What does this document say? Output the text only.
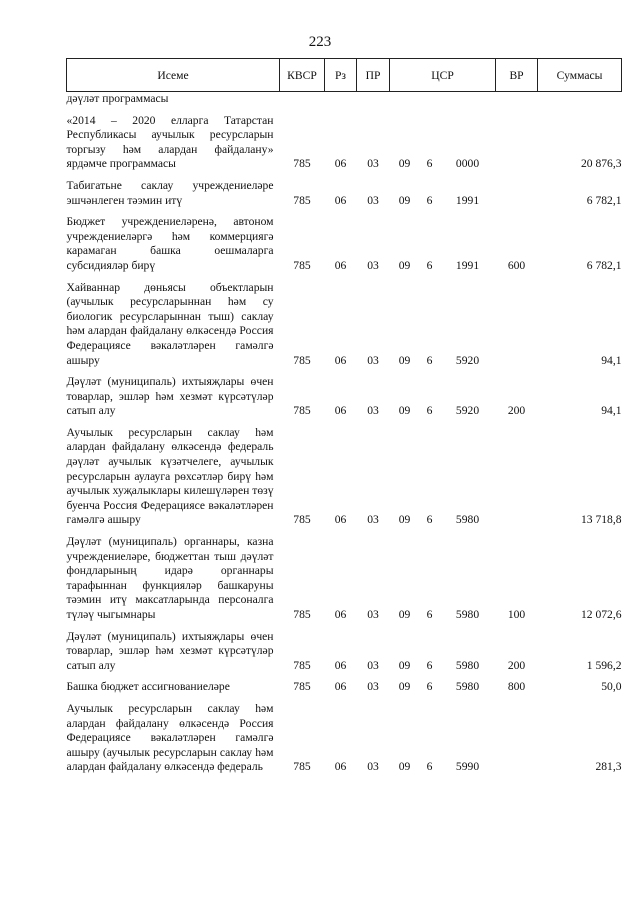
223
Исеме	КВСР	Рз	ПР	ЦСР			ВР	Суммасы
дәүләт программасы								
«2014 – 2020 елларга Татарстан Республикасы аучылык ресурсларын торгызу һәм алардан файдалану» ярдәмче программасы	785	06	03	09	6	0000		20 876,3
Табигатьне саклау учреждениеләре эшчәнлеген тәэмин итү	785	06	03	09	6	1991		6 782,1
Бюджет учреждениеләренә, автоном учреждениеләргә һәм коммерциягә карамаган башка оешмаларга субсидияләр бирү	785	06	03	09	6	1991	600	6 782,1
Хайваннар дөньясы объектларын (аучылык ресурсларыннан һәм су биологик ресурсларыннан тыш) саклау һәм алардан файдалану өлкәсендә Россия Федерациясе вәкаләтләрен гамәлгә ашыру	785	06	03	09	6	5920		94,1
Дәүләт (муниципаль) ихтыяҗлары өчен товарлар, эшләр һәм хезмәт күрсәтүләр сатып алу	785	06	03	09	6	5920	200	94,1
Аучылык ресурсларын саклау һәм алардан файдалану өлкәсендә федераль дәүләт аучылык күзәтчелеге, аучылык ресурсларын аулауга рөхсәтләр бирү һәм аучылык хуҗалыклары килешүләрен төзү буенча Россия Федерациясе вәкаләтләрен гамәлгә ашыру	785	06	03	09	6	5980		13 718,8
Дәүләт (муниципаль) органнары, казна учреждениеләре, бюджеттан тыш дәүләт фондларының идарә органнары тарафыннан функцияләр башкаруны тәэмин итү максатларында персоналга түләү чыгымнары	785	06	03	09	6	5980	100	12 072,6
Дәүләт (муниципаль) ихтыяҗлары өчен товарлар, эшләр һәм хезмәт күрсәтүләр сатып алу	785	06	03	09	6	5980	200	1 596,2
Башка бюджет ассигнованиеләре	785	06	03	09	6	5980	800	50,0
Аучылык ресурсларын саклау һәм алардан файдалану өлкәсендә Россия Федерациясе вәкаләтләрен гамәлгә ашыру (аучылык ресурсларын саклау һәм алардан файдалану өлкәсендә федераль	785	06	03	09	6	5990		281,3
